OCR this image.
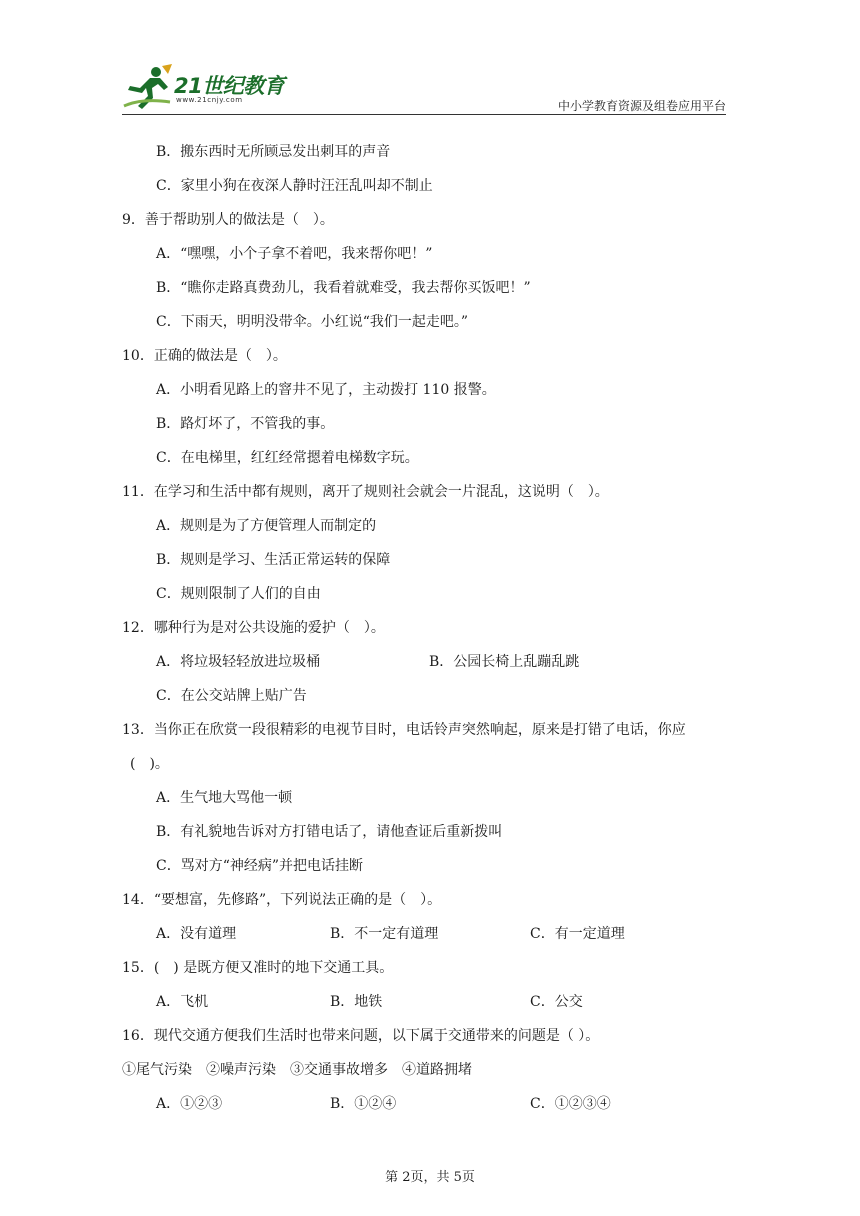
21世纪教育
www.21cnjy.com	中小学教育资源及组卷应用平台
B．搬东西时无所顾忌发出刺耳的声音
C．家里小狗在夜深人静时汪汪乱叫却不制止
9．善于帮助别人的做法是（　）。
A．“嘿嘿，小个子拿不着吧，我来帮你吧！”
B．“瞧你走路真费劲儿，我看着就难受，我去帮你买饭吧！”
C．下雨天，明明没带伞。小红说“我们一起走吧。”
10．正确的做法是（　）。
A．小明看见路上的窨井不见了，主动拨打 110 报警。
B．路灯坏了，不管我的事。
C．在电梯里，红红经常摁着电梯数字玩。
11．在学习和生活中都有规则，离开了规则社会就会一片混乱，这说明（　）。
A．规则是为了方便管理人而制定的
B．规则是学习、生活正常运转的保障
C．规则限制了人们的自由
12．哪种行为是对公共设施的爱护（　）。
A．将垃圾轻轻放进垃圾桶	B．公园长椅上乱蹦乱跳
C．在公交站牌上贴广告
13．当你正在欣赏一段很精彩的电视节目时，电话铃声突然响起，原来是打错了电话，你应
(　)。
A．生气地大骂他一顿
B．有礼貌地告诉对方打错电话了，请他查证后重新拨叫
C．骂对方“神经病”并把电话挂断
14．“要想富，先修路”，下列说法正确的是（　）。
A．没有道理	B．不一定有道理	C．有一定道理
15．(　) 是既方便又准时的地下交通工具。
A．飞机	B．地铁	C．公交
16．现代交通方便我们生活时也带来问题，以下属于交通带来的问题是（ ）。
①尾气污染　②噪声污染　③交通事故增多　④道路拥堵
A．①②③	B．①②④	C．①②③④
第 2页，共 5页
